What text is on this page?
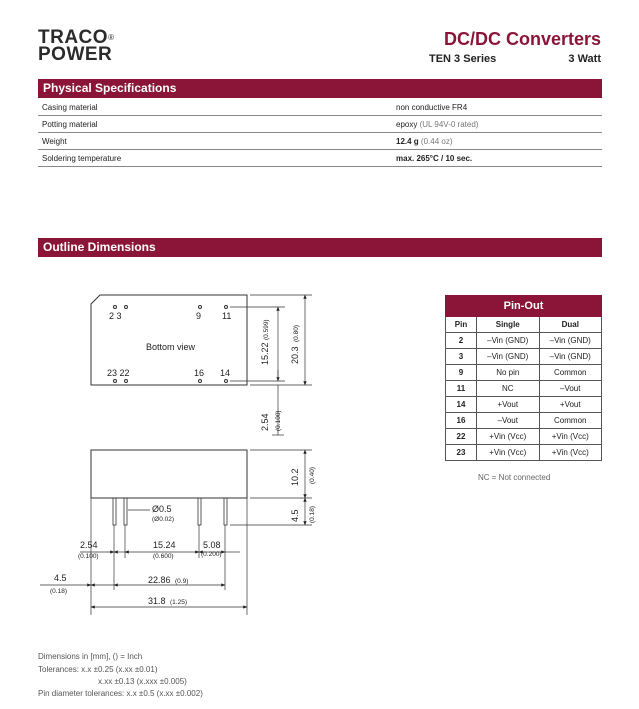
TRACO®
POWER
DC/DC Converters
TEN 3 Series	3 Watt
Physical Specifications
Casing material	non conductive FR4
Potting material	epoxy (UL 94V-0 rated)
Weight	12.4 g (0.44 oz)
Soldering temperature	max. 265°C / 10 sec.
Outline Dimensions
2 3	9 11
23 22	16 14
Bottom view	15.22
(0.599)
20.3
(0.80)
2.54 (0.100)
10.2 (0.40)
4.5 (0.18)
Ø0.5
(Ø0.02)
2.54
(0.100)
15.24
(0.600)
5.08
(0.200)
4.5
(0.18)
22.86 (0.9)
31.8 (1.25)
Pin-Out		
Pin	Single	Dual
2	–Vin (GND)	–Vin (GND)
3	–Vin (GND)	–Vin (GND)
9	No pin	Common
11	NC	–Vout
14	+Vout	+Vout
16	–Vout	Common
22	+Vin (Vcc)	+Vin (Vcc)
23	+Vin (Vcc)	+Vin (Vcc)
NC = Not connected
Dimensions in [mm], () = Inch
Tolerances: x.x ±0.25 (x.xx ±0.01)
x.xx ±0.13 (x.xxx ±0.005)
Pin diameter tolerances: x.x ±0.5 (x.xx ±0.002)
